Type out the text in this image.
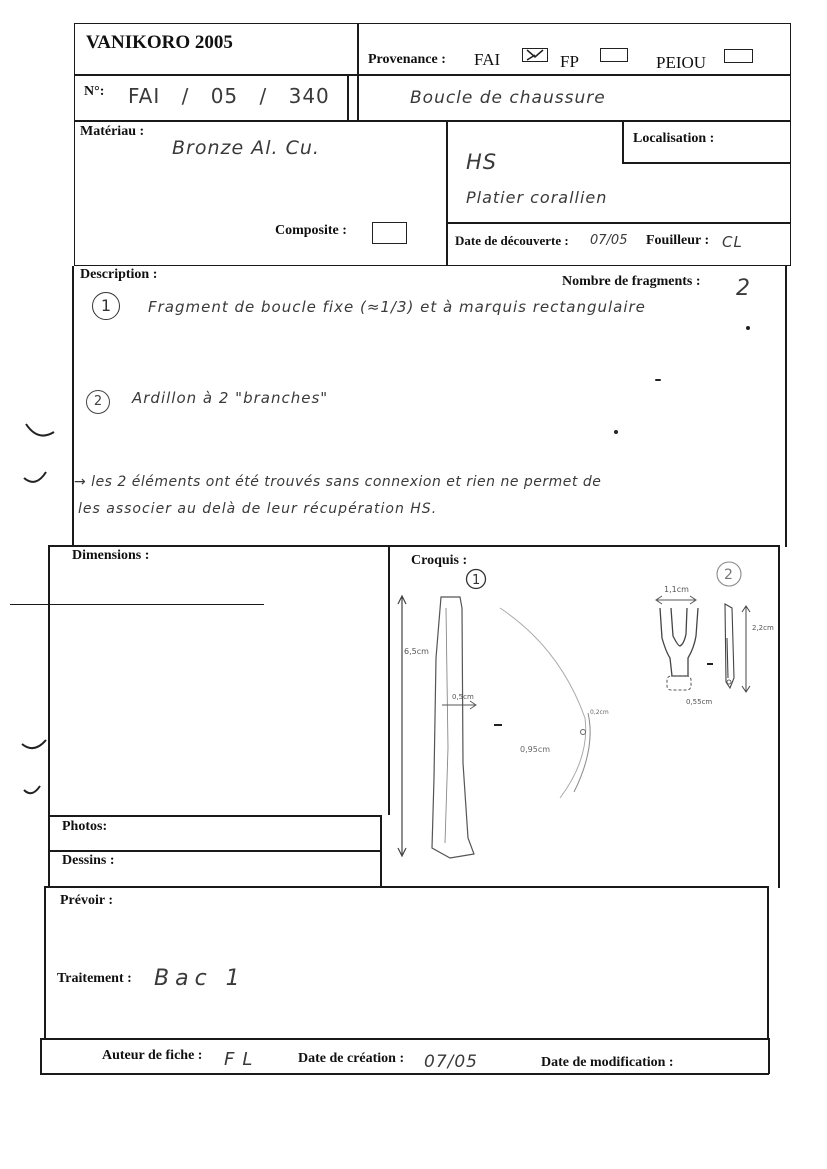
VANIKORO 2005
Provenance : FAI	FP	PEIOU
N°: FAI / 05 / 340	Boucle de chaussure
Matériau :
Bronze Al. Cu.
Composite :
Localisation :
HS
Platier corallien
Date de découverte : 07/05 Fouilleur : CL
Description :	Nombre de fragments : 2
1	Fragment de boucle fixe (≈1/3) et à marquis rectangulaire
2	Ardillon à 2 "branches"
→ les 2 éléments ont été trouvés sans connexion et rien ne permet de
les associer au delà de leur récupération HS.
Dimensions :	Croquis :
Photos:
Dessins :
1	2
6,5cm
0,5cm
0,2cm
0,95cm
1,1cm
2,2cm
0,55cm
Prévoir :
Traitement : Bac 1
Auteur de fiche : FL	Date de création : 07/05	Date de modification :
